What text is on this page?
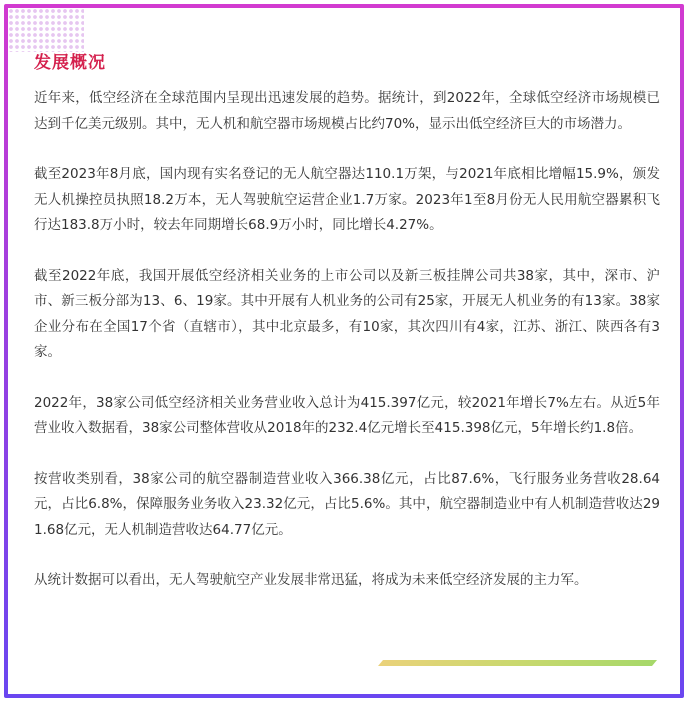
发展概况

近年来，低空经济在全球范围内呈现出迅速发展的趋势。据统计，到2022年，全球低空经济市场规模已达到千亿美元级别。其中，无人机和航空器市场规模占比约70%，显示出低空经济巨大的市场潜力。

截至2023年8月底，国内现有实名登记的无人航空器达110.1万架，与2021年底相比增幅15.9%，颁发无人机操控员执照18.2万本，无人驾驶航空运营企业1.7万家。2023年1至8月份无人民用航空器累积飞行达183.8万小时，较去年同期增长68.9万小时，同比增长4.27%。

截至2022年底，我国开展低空经济相关业务的上市公司以及新三板挂牌公司共38家，其中，深市、沪市、新三板分部为13、6、19家。其中开展有人机业务的公司有25家，开展无人机业务的有13家。38家企业分布在全国17个省（直辖市），其中北京最多，有10家，其次四川有4家，江苏、浙江、陕西各有3家。

2022年，38家公司低空经济相关业务营业收入总计为415.397亿元，较2021年增长7%左右。从近5年营业收入数据看，38家公司整体营收从2018年的232.4亿元增长至415.398亿元，5年增长约1.8倍。

按营收类别看，38家公司的航空器制造营业收入366.38亿元，占比87.6%，飞行服务业务营收28.64元，占比6.8%，保障服务业务收入23.32亿元，占比5.6%。其中，航空器制造业中有人机制造营收达291.68亿元，无人机制造营收达64.77亿元。

从统计数据可以看出，无人驾驶航空产业发展非常迅猛，将成为未来低空经济发展的主力军。
